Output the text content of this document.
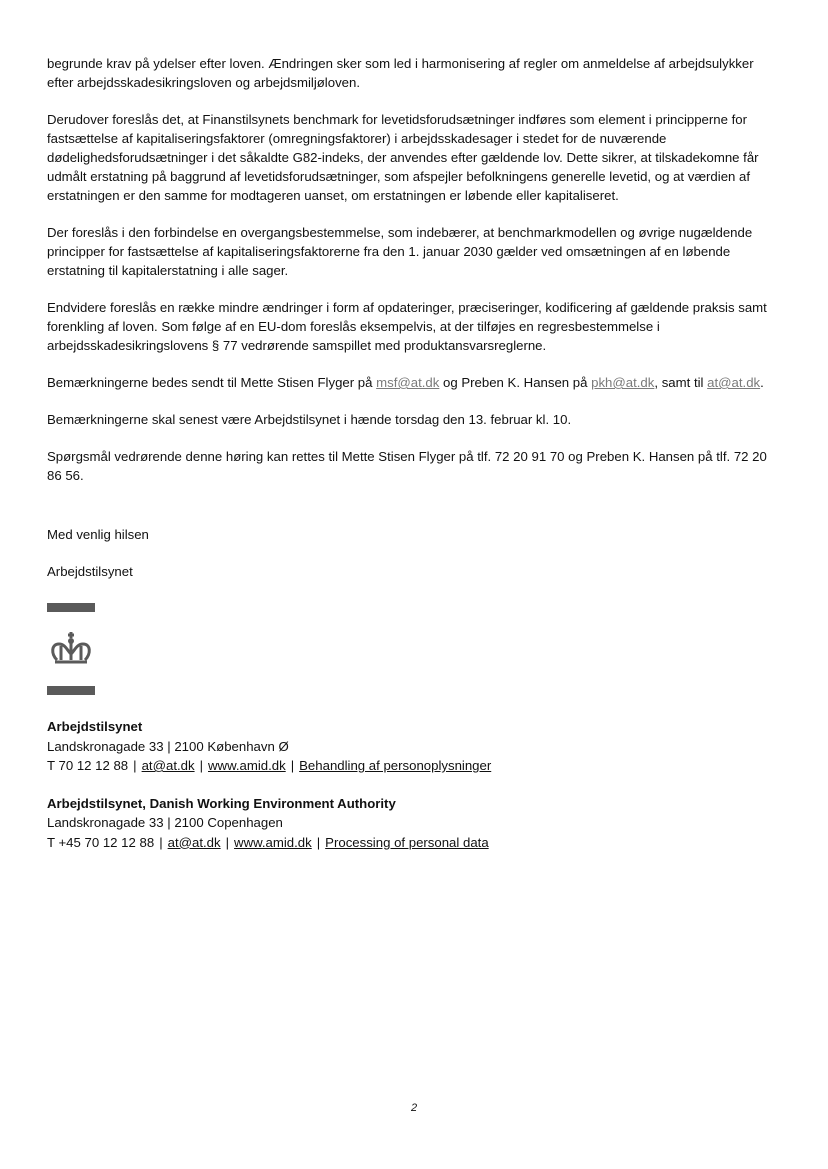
begrunde krav på ydelser efter loven. Ændringen sker som led i harmonisering af regler om anmeldelse af arbejdsulykker efter arbejdsskadesikringsloven og arbejdsmiljøloven.

Derudover foreslås det, at Finanstilsynets benchmark for levetidsforudsætninger indføres som element i principperne for fastsættelse af kapitaliseringsfaktorer (omregningsfaktorer) i arbejdsskadesager i stedet for de nuværende dødelighedsforudsætninger i det såkaldte G82-indeks, der anvendes efter gældende lov. Dette sikrer, at tilskadekomne får udmålt erstatning på baggrund af levetidsforudsætninger, som afspejler befolkningens generelle levetid, og at værdien af erstatningen er den samme for modtageren uanset, om erstatningen er løbende eller kapitaliseret.

Der foreslås i den forbindelse en overgangsbestemmelse, som indebærer, at benchmarkmodellen og øvrige nugældende principper for fastsættelse af kapitaliseringsfaktorerne fra den 1. januar 2030 gælder ved omsætningen af en løbende erstatning til kapitalerstatning i alle sager.

Endvidere foreslås en række mindre ændringer i form af opdateringer, præciseringer, kodificering af gældende praksis samt forenkling af loven. Som følge af en EU-dom foreslås eksempelvis, at der tilføjes en regresbestemmelse i arbejdsskadesikringslovens § 77 vedrørende samspillet med produktansvarsreglerne.

Bemærkningerne bedes sendt til Mette Stisen Flyger på msf@at.dk og Preben K. Hansen på pkh@at.dk, samt til at@at.dk.

Bemærkningerne skal senest være Arbejdstilsynet i hænde torsdag den 13. februar kl. 10.

Spørgsmål vedrørende denne høring kan rettes til Mette Stisen Flyger på tlf. 72 20 91 70 og Preben K. Hansen på tlf. 72 20 86 56.

Med venlig hilsen

Arbejdstilsynet

Arbejdstilsynet
Landskronagade 33 | 2100 København Ø
T 70 12 12 88 | at@at.dk | www.amid.dk | Behandling af personoplysninger
Arbejdstilsynet, Danish Working Environment Authority
Landskronagade 33 | 2100 Copenhagen
T +45 70 12 12 88 | at@at.dk | www.amid.dk | Processing of personal data
2
